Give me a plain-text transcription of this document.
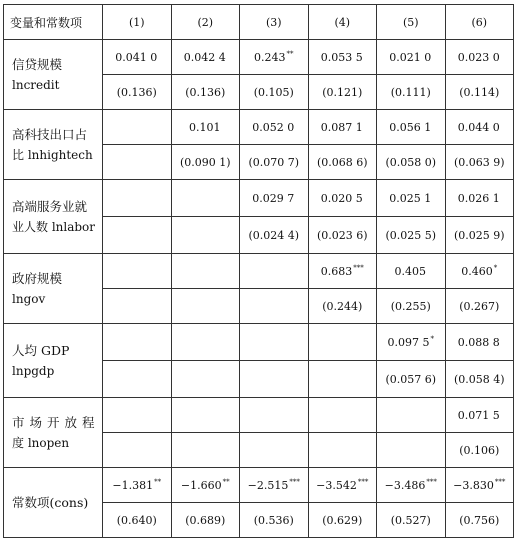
变量和常数项	(1)	(2)	(3)	(4)	(5)	(6)
信贷规模
lncredit	0.041 0	0.042 4	0.243**	0.053 5	0.021 0	0.023 0
	(0.136)	(0.136)	(0.105)	(0.121)	(0.111)	(0.114)
高科技出口占
比 lnhightech		0.101	0.052 0	0.087 1	0.056 1	0.044 0
		(0.090 1)	(0.070 7)	(0.068 6)	(0.058 0)	(0.063 9)
高端服务业就
业人数 lnlabor			0.029 7	0.020 5	0.025 1	0.026 1
			(0.024 4)	(0.023 6)	(0.025 5)	(0.025 9)
政府规模
lngov				0.683***	0.405	0.460*
				(0.244)	(0.255)	(0.267)
人均 GDP
lnpgdp					0.097 5*	0.088 8
					(0.057 6)	(0.058 4)
市场开放程
度 lnopen						0.071 5
						(0.106)
常数项(cons)	−1.381**	−1.660**	−2.515***	−3.542***	−3.486***	−3.830***
	(0.640)	(0.689)	(0.536)	(0.629)	(0.527)	(0.756)
